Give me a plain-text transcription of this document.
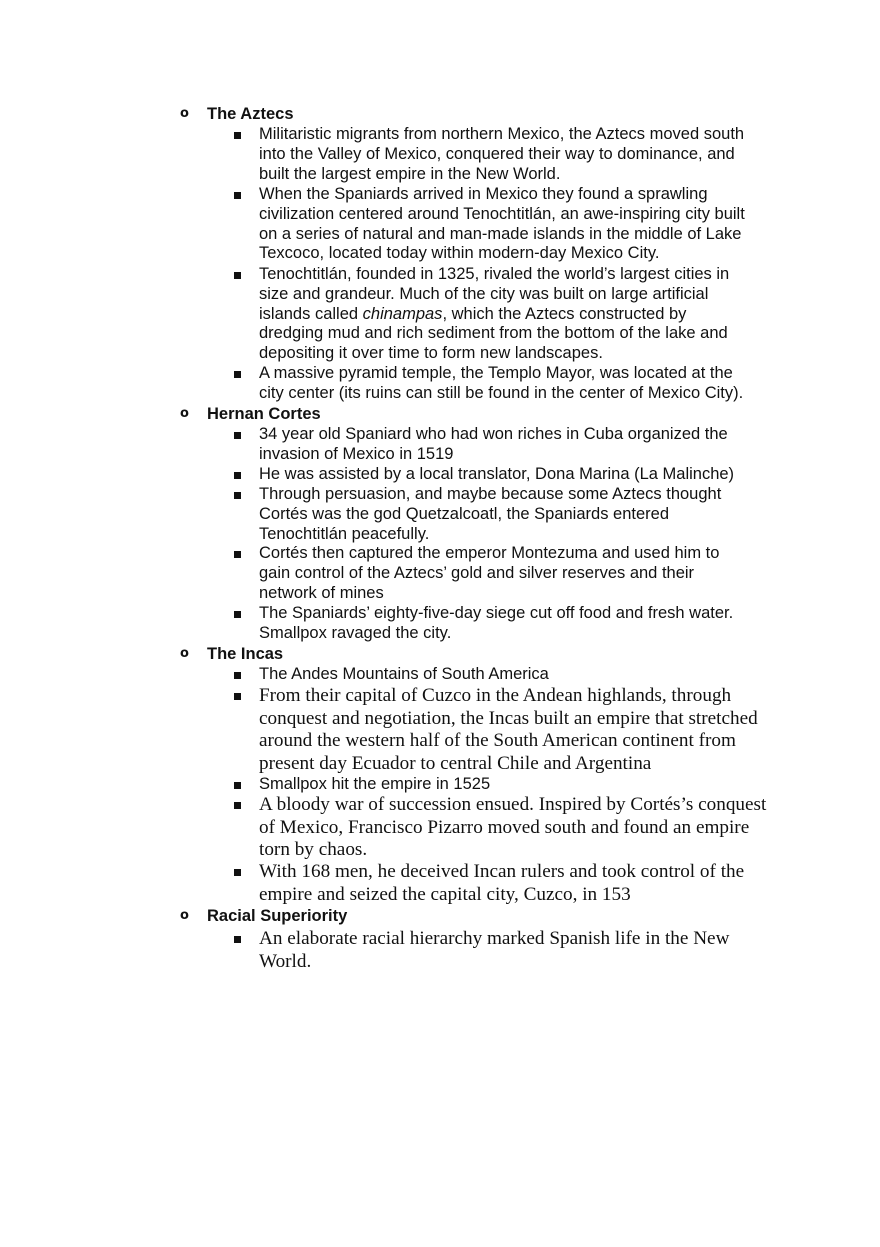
o The Aztecs
Militaristic migrants from northern Mexico, the Aztecs moved south
into the Valley of Mexico, conquered their way to dominance, and
built the largest empire in the New World.
When the Spaniards arrived in Mexico they found a sprawling
civilization centered around Tenochtitlán, an awe-inspiring city built
on a series of natural and man-made islands in the middle of Lake
Texcoco, located today within modern-day Mexico City.
Tenochtitlán, founded in 1325, rivaled the world’s largest cities in
size and grandeur. Much of the city was built on large artificial
islands called chinampas, which the Aztecs constructed by
dredging mud and rich sediment from the bottom of the lake and
depositing it over time to form new landscapes.
A massive pyramid temple, the Templo Mayor, was located at the
city center (its ruins can still be found in the center of Mexico City).
o Hernan Cortes
34 year old Spaniard who had won riches in Cuba organized the
invasion of Mexico in 1519
He was assisted by a local translator, Dona Marina (La Malinche)
Through persuasion, and maybe because some Aztecs thought
Cortés was the god Quetzalcoatl, the Spaniards entered
Tenochtitlán peacefully.
Cortés then captured the emperor Montezuma and used him to
gain control of the Aztecs’ gold and silver reserves and their
network of mines
The Spaniards’ eighty-five-day siege cut off food and fresh water.
Smallpox ravaged the city.
o The Incas
The Andes Mountains of South America
From their capital of Cuzco in the Andean highlands, through
conquest and negotiation, the Incas built an empire that stretched
around the western half of the South American continent from
present day Ecuador to central Chile and Argentina
Smallpox hit the empire in 1525
A bloody war of succession ensued. Inspired by Cortés’s conquest
of Mexico, Francisco Pizarro moved south and found an empire
torn by chaos.
With 168 men, he deceived Incan rulers and took control of the
empire and seized the capital city, Cuzco, in 153
o Racial Superiority
An elaborate racial hierarchy marked Spanish life in the New
World.
